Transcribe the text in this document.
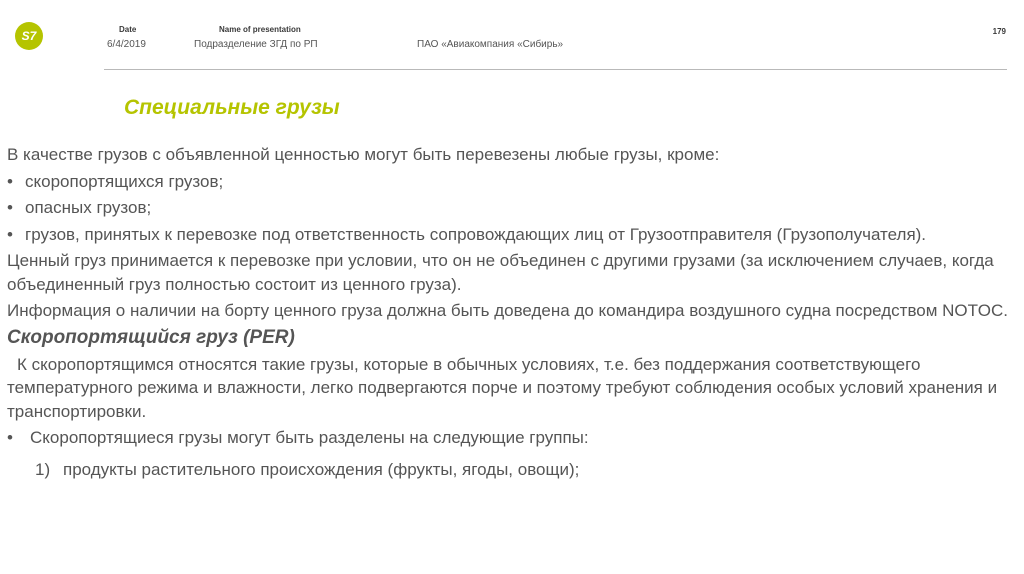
S7	Date
6/4/2019
Name of presentation
Подразделение ЗГД по РП	ПАО «Авиакомпания «Сибирь»
179
Специальные грузы

В качестве грузов с объявленной ценностью могут быть перевезены любые грузы, кроме:

• скоропортящихся грузов;

• опасных грузов;

• грузов, принятых к перевозке под ответственность сопровождающих лиц от Грузоотправителя (Грузополучателя).

Ценный груз принимается к перевозке при условии, что он не объединен с другими грузами (за исключением случаев, когда объединенный груз полностью состоит из ценного груза).

Информация о наличии на борту ценного груза должна быть доведена до командира воздушного судна посредством NOTOC.

Скоропортящийся груз (PER)

К скоропортящимся относятся такие грузы, которые в обычных условиях, т.е. без поддержания соответствующего температурного режима и влажности, легко подвергаются порче и поэтому требуют соблюдения особых условий хранения и транспортировки.

• Скоропортящиеся грузы могут быть разделены на следующие группы:

1) продукты растительного происхождения (фрукты, ягоды, овощи);
